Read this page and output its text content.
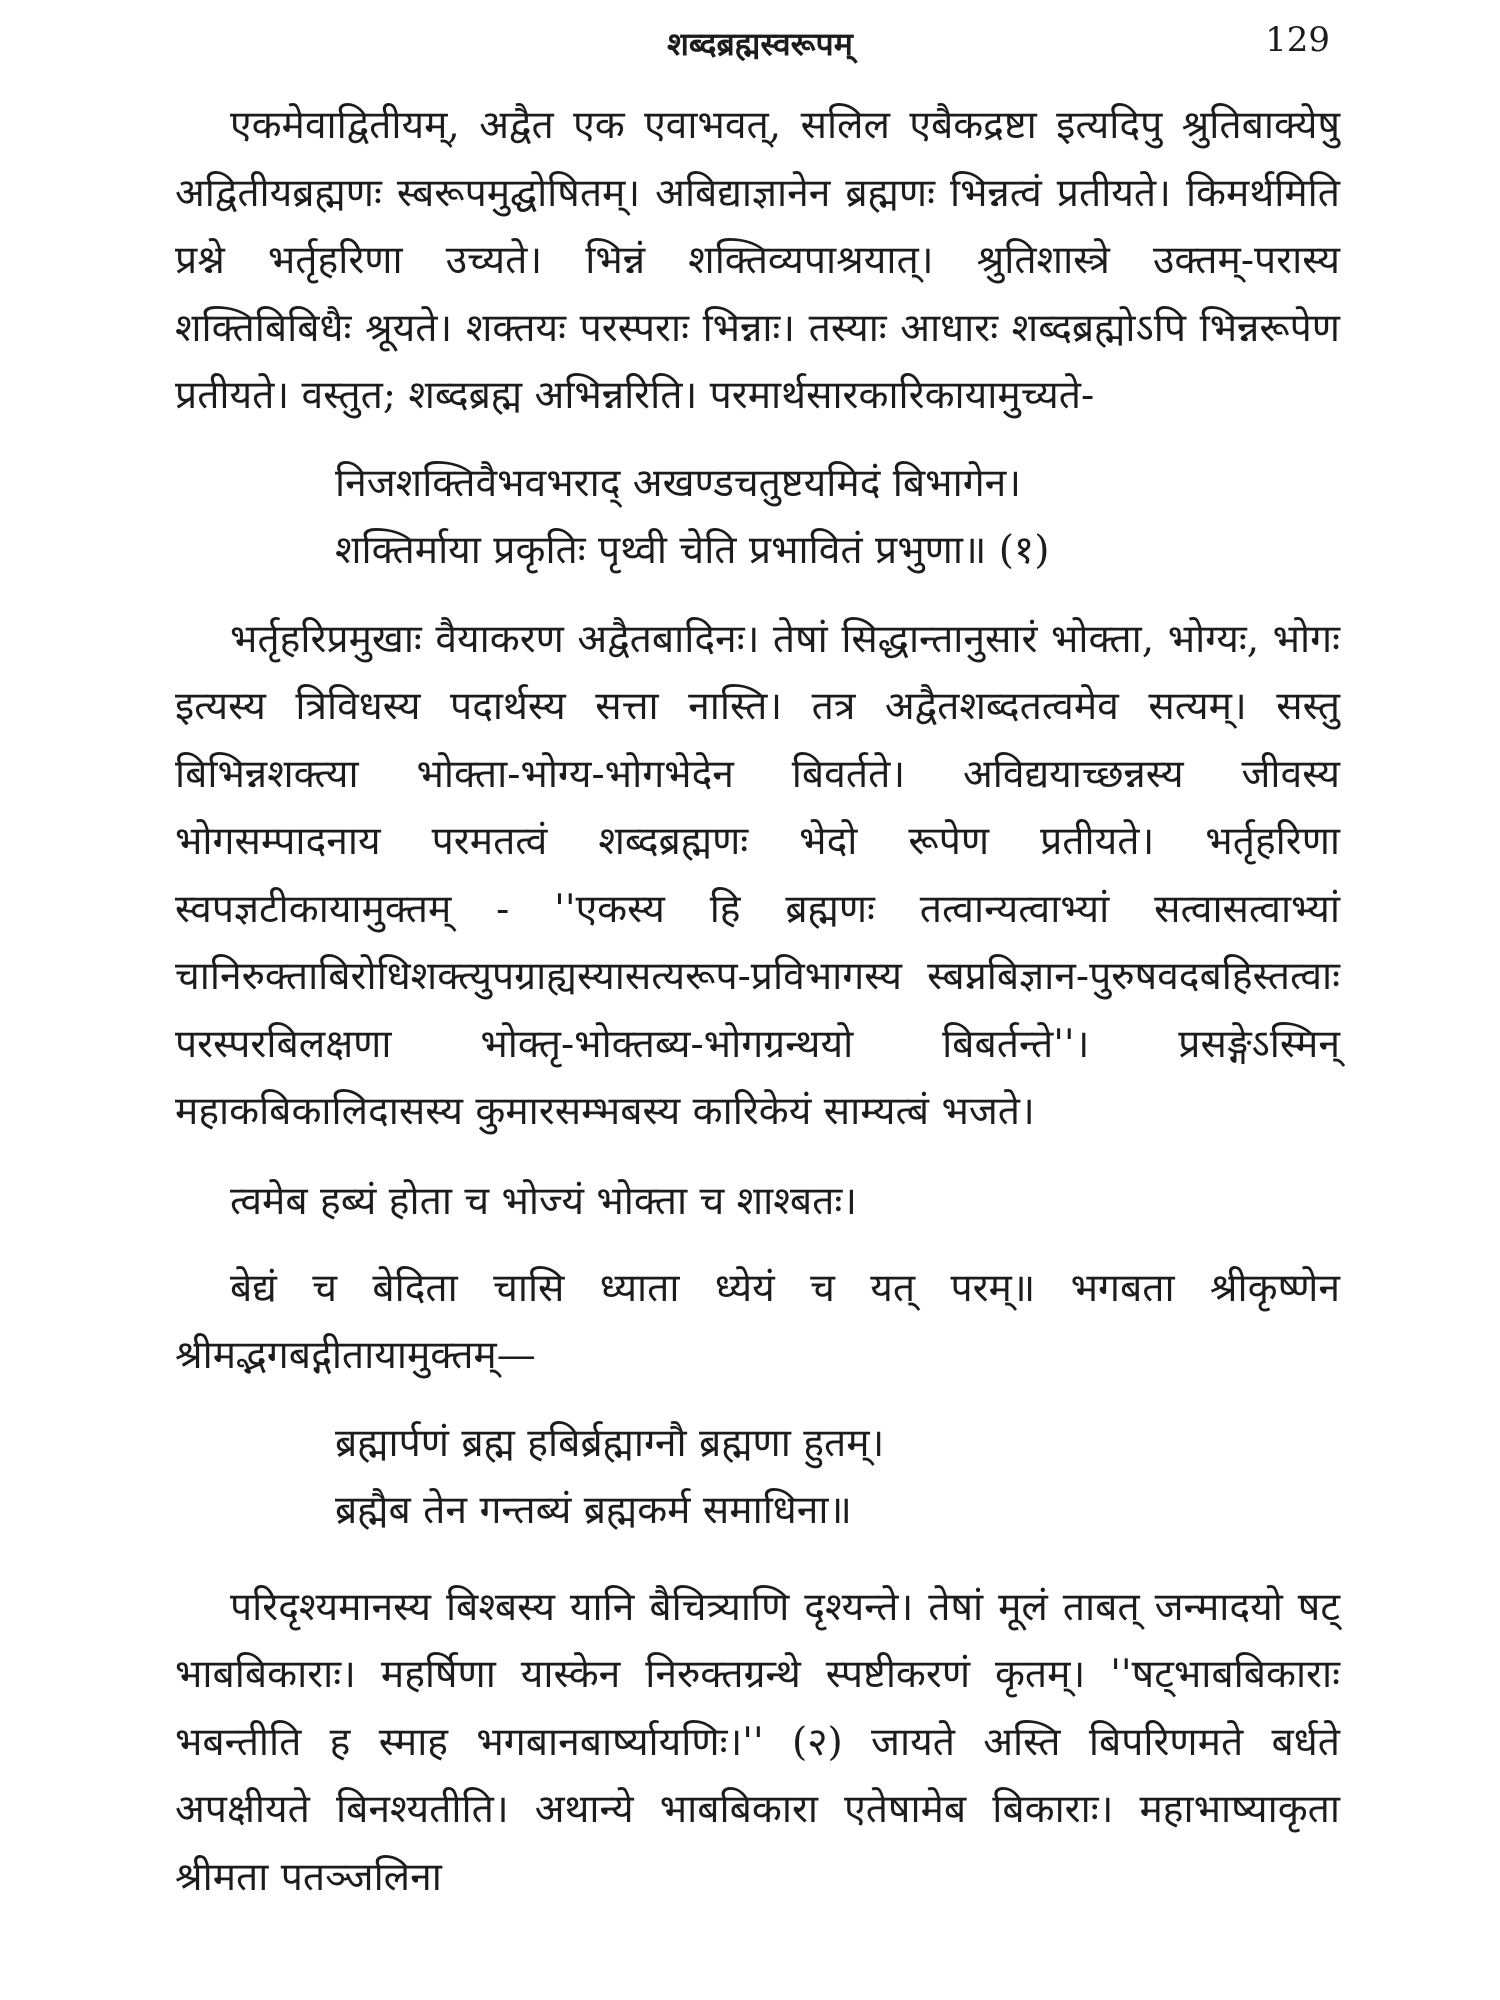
शब्दब्रह्मस्वरूपम्	129

एकमेवाद्वितीयम्, अद्वैत एक एवाभवत्, सलिल एबैकद्रष्टा इत्यदिपु श्रुतिबाक्येषु अद्वितीयब्रह्मणः स्बरूपमुद्घोषितम्। अबिद्याज्ञानेन ब्रह्मणः भिन्नत्वं प्रतीयते। किमर्थमिति प्रश्ने भर्तृहरिणा उच्यते। भिन्नं शक्तिव्यपाश्रयात्। श्रुतिशास्त्रे उक्तम्-परास्य शक्तिबिबिधैः श्रूयते। शक्तयः परस्पराः भिन्नाः। तस्याः आधारः शब्दब्रह्मोऽपि भिन्नरूपेण प्रतीयते। वस्तुत; शब्दब्रह्म अभिन्नरिति। परमार्थसारकारिकायामुच्यते-

निजशक्तिवैभवभराद् अखण्डचतुष्टयमिदं बिभागेन।
शक्तिर्माया प्रकृतिः पृथ्वी चेति प्रभावितं प्रभुणा॥ (१)

भर्तृहरिप्रमुखाः वैयाकरण अद्वैतबादिनः। तेषां सिद्धान्तानुसारं भोक्ता, भोग्यः, भोगः इत्यस्य त्रिविधस्य पदार्थस्य सत्ता नास्ति। तत्र अद्वैतशब्दतत्वमेव सत्यम्। सस्तु बिभिन्नशक्त्या भोक्ता-भोग्य-भोगभेदेन बिवर्तते। अविद्ययाच्छन्नस्य जीवस्य भोगसम्पादनाय परमतत्वं शब्दब्रह्मणः भेदो रूपेण प्रतीयते। भर्तृहरिणा स्वपज्ञटीकायामुक्तम् - ''एकस्य हि ब्रह्मणः तत्वान्यत्वाभ्यां सत्वासत्वाभ्यां चानिरुक्ताबिरोधिशक्त्युपग्राह्यस्यासत्यरूप-प्रविभागस्य स्बप्नबिज्ञान-पुरुषवदबहिस्तत्वाः परस्परबिलक्षणा भोक्तृ-भोक्तब्य-भोगग्रन्थयो बिबर्तन्ते''। प्रसङ्गेऽस्मिन् महाकबिकालिदासस्य कुमारसम्भबस्य कारिकेयं साम्यत्बं भजते।

त्वमेब हब्यं होता च भोज्यं भोक्ता च शाश्बतः।

बेद्यं च बेदिता चासि ध्याता ध्येयं च यत् परम्॥ भगबता श्रीकृष्णेन श्रीमद्भगबद्गीतायामुक्तम्—

ब्रह्मार्पणं ब्रह्म हबिर्ब्रह्माग्नौ ब्रह्मणा हुतम्।
ब्रह्मैब तेन गन्तब्यं ब्रह्मकर्म समाधिना॥

परिदृश्यमानस्य बिश्बस्य यानि बैचित्र्याणि दृश्यन्ते। तेषां मूलं ताबत् जन्मादयो षट् भाबबिकाराः। महर्षिणा यास्केन निरुक्तग्रन्थे स्पष्टीकरणं कृतम्। ''षट्भाबबिकाराः भबन्तीति ह स्माह भगबानबार्ष्यायणिः।'' (२) जायते अस्ति बिपरिणमते बर्धते अपक्षीयते बिनश्यतीति। अथान्ये भाबबिकारा एतेषामेब बिकाराः। महाभाष्याकृता श्रीमता पतञ्जलिना
